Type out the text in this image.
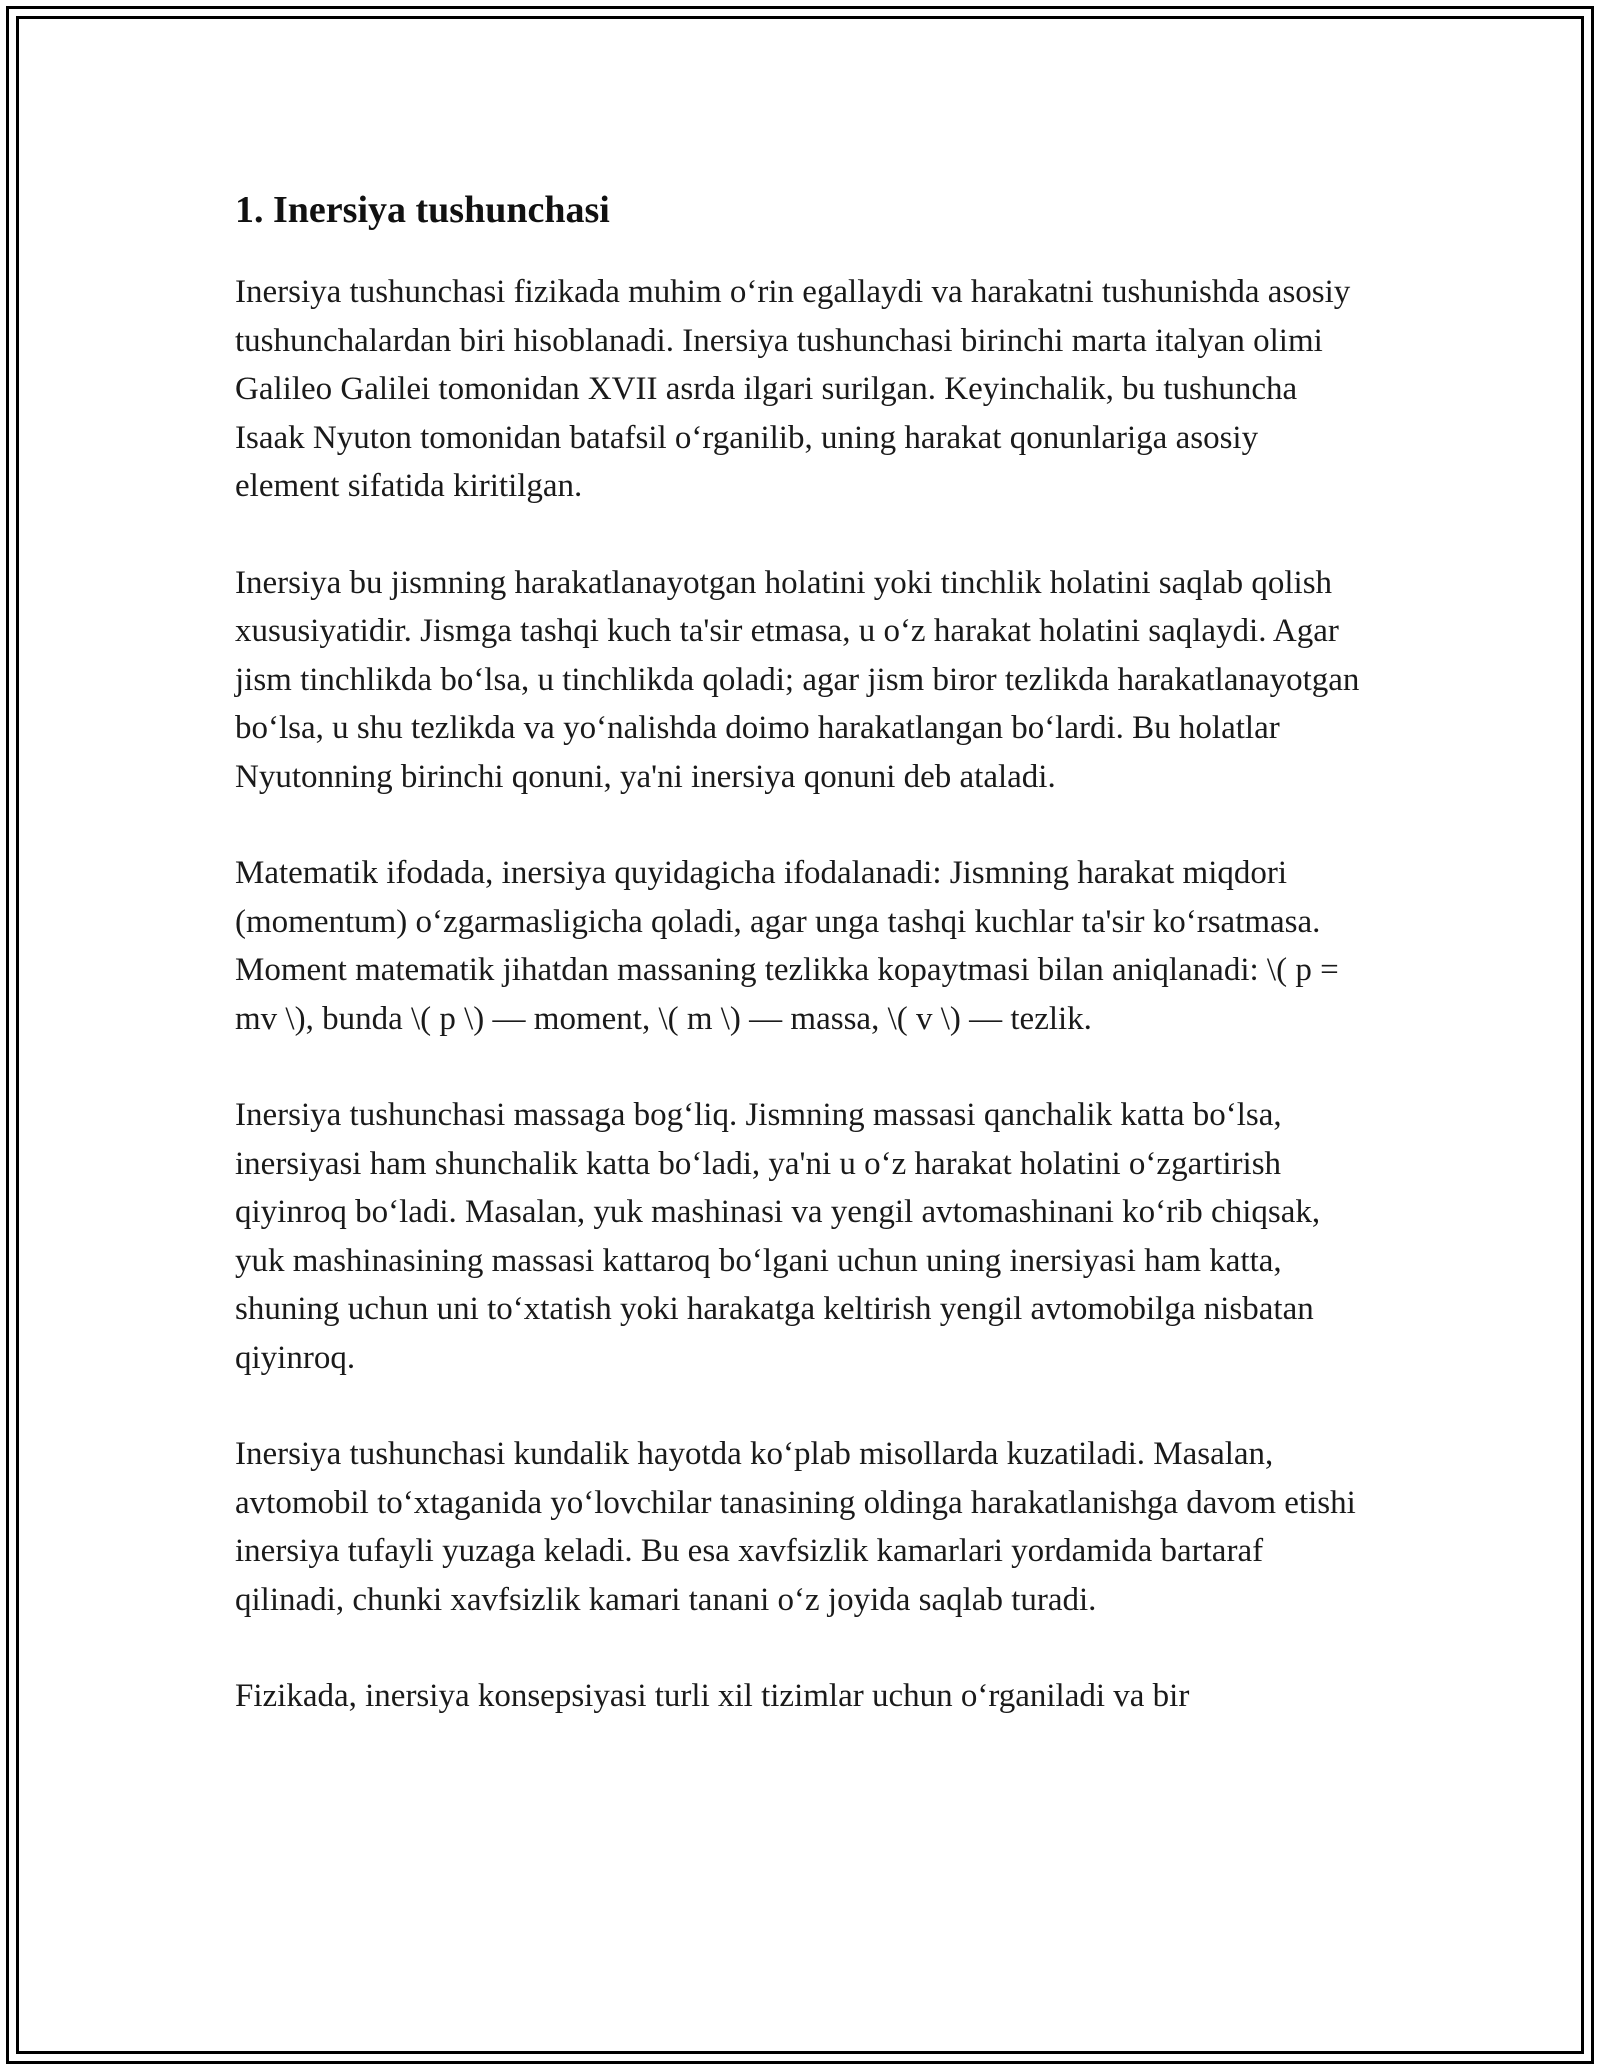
1. Inersiya tushunchasi

Inersiya tushunchasi fizikada muhim o‘rin egallaydi va harakatni tushunishda asosiy tushunchalardan biri hisoblanadi. Inersiya tushunchasi birinchi marta italyan olimi Galileo Galilei tomonidan XVII asrda ilgari surilgan. Keyinchalik, bu tushuncha Isaak Nyuton tomonidan batafsil o‘rganilib, uning harakat qonunlariga asosiy element sifatida kiritilgan.

Inersiya bu jismning harakatlanayotgan holatini yoki tinchlik holatini saqlab qolish xususiyatidir. Jismga tashqi kuch ta'sir etmasa, u o‘z harakat holatini saqlaydi. Agar jism tinchlikda bo‘lsa, u tinchlikda qoladi; agar jism biror tezlikda harakatlanayotgan bo‘lsa, u shu tezlikda va yo‘nalishda doimo harakatlangan bo‘lardi. Bu holatlar Nyutonning birinchi qonuni, ya'ni inersiya qonuni deb ataladi.

Matematik ifodada, inersiya quyidagicha ifodalanadi: Jismning harakat miqdori (momentum) o‘zgarmasligicha qoladi, agar unga tashqi kuchlar ta'sir ko‘rsatmasa. Moment matematik jihatdan massaning tezlikka kopaytmasi bilan aniqlanadi: \( p = mv \), bunda \( p \) — moment, \( m \) — massa, \( v \) — tezlik.

Inersiya tushunchasi massaga bog‘liq. Jismning massasi qanchalik katta bo‘lsa, inersiyasi ham shunchalik katta bo‘ladi, ya'ni u o‘z harakat holatini o‘zgartirish qiyinroq bo‘ladi. Masalan, yuk mashinasi va yengil avtomashinani ko‘rib chiqsak, yuk mashinasining massasi kattaroq bo‘lgani uchun uning inersiyasi ham katta, shuning uchun uni to‘xtatish yoki harakatga keltirish yengil avtomobilga nisbatan qiyinroq.

Inersiya tushunchasi kundalik hayotda ko‘plab misollarda kuzatiladi. Masalan, avtomobil to‘xtaganida yo‘lovchilar tanasining oldinga harakatlanishga davom etishi inersiya tufayli yuzaga keladi. Bu esa xavfsizlik kamarlari yordamida bartaraf qilinadi, chunki xavfsizlik kamari tanani o‘z joyida saqlab turadi.

Fizikada, inersiya konsepsiyasi turli xil tizimlar uchun o‘rganiladi va bir
